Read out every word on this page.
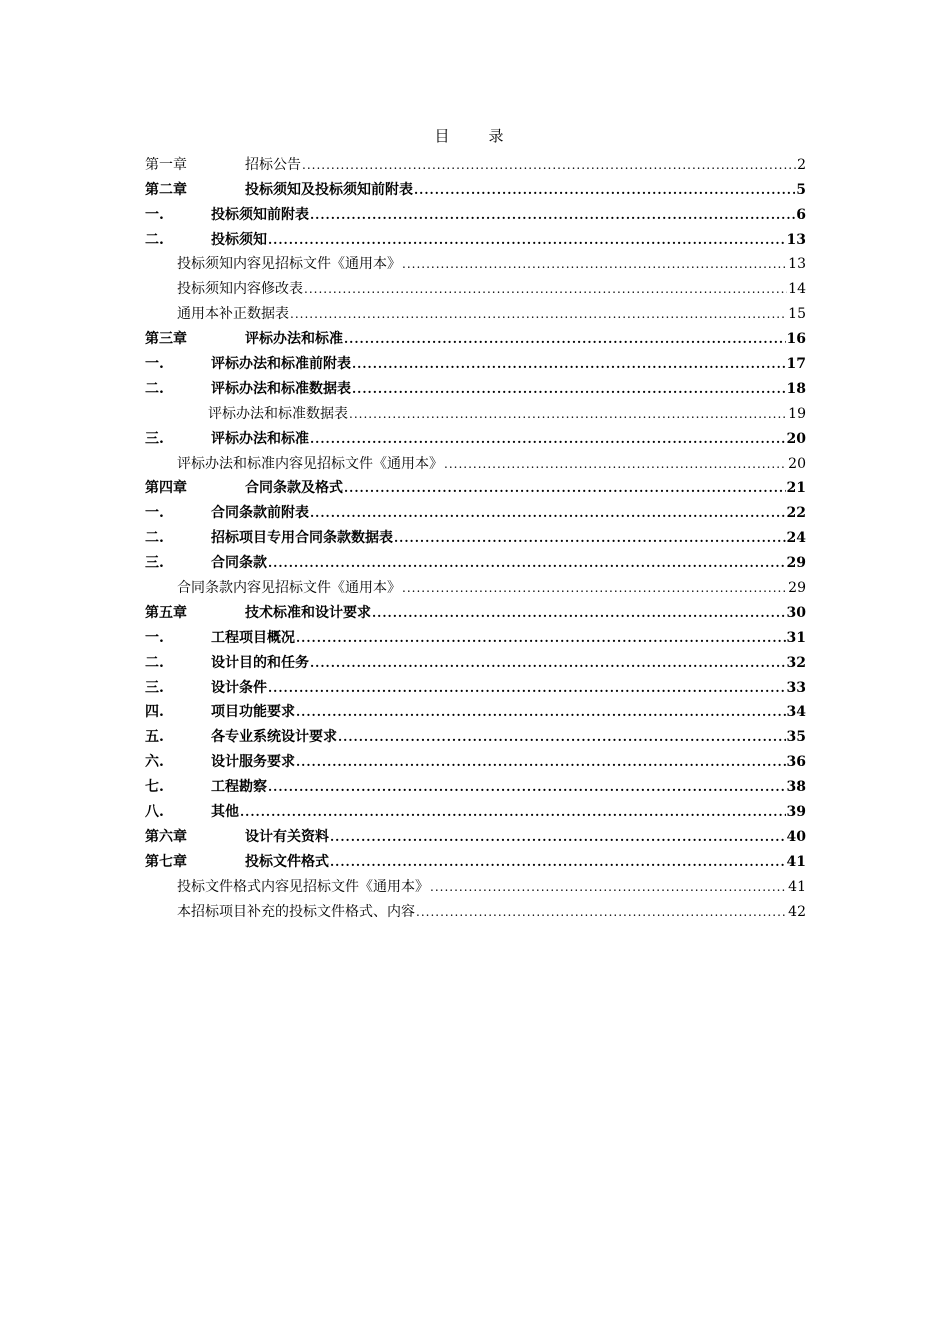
目　录
第一章	招标公告 .....	2
第二章	投标须知及投标须知前附表 .....	5
一.	投标须知前附表 .....	6
二.	投标须知 .....	13
投标须知内容见招标文件《通用本》 .....	13
投标须知内容修改表 .....	14
通用本补正数据表 .....	15
第三章	评标办法和标准 .....	16
一.	评标办法和标准前附表 .....	17
二.	评标办法和标准数据表 .....	18
评标办法和标准数据表 .....	19
三.	评标办法和标准 .....	20
评标办法和标准内容见招标文件《通用本》 .....	20
第四章	合同条款及格式 .....	21
一.	合同条款前附表 .....	22
二.	招标项目专用合同条款数据表 .....	24
三.	合同条款 .....	29
合同条款内容见招标文件《通用本》 .....	29
第五章	技术标准和设计要求 .....	30
一.	工程项目概况 .....	31
二.	设计目的和任务 .....	32
三.	设计条件 .....	33
四.	项目功能要求 .....	34
五.	各专业系统设计要求 .....	35
六.	设计服务要求 .....	36
七.	工程勘察 .....	38
八.	其他 .....	39
第六章	设计有关资料 .....	40
第七章	投标文件格式 .....	41
投标文件格式内容见招标文件《通用本》 .....	41
本招标项目补充的投标文件格式、内容 .....	42
